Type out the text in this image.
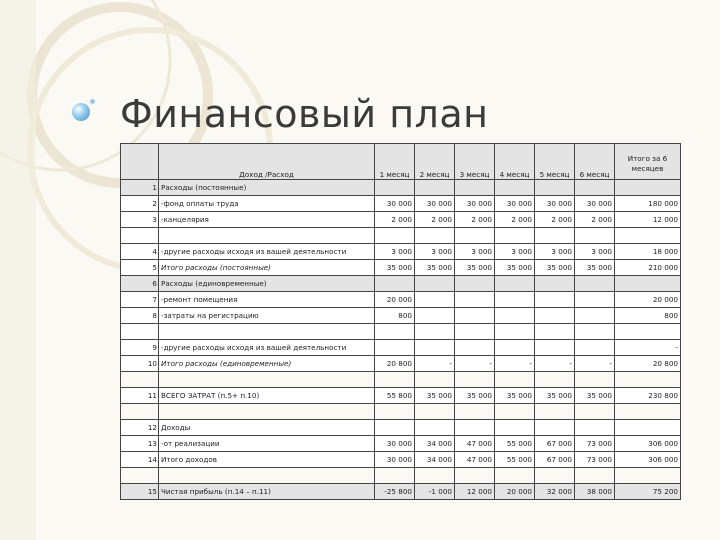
Финансовый план
	Доход /Расход	1 месяц	2 месяц	3 месяц	4 месяц	5 месяц	6 месяц	Итого за 6 месяцев
1	Расходы (постоянные)							
2	-фонд оплаты труда	30 000	30 000	30 000	30 000	30 000	30 000	180 000
3	-канцелярия	2 000	2 000	2 000	2 000	2 000	2 000	12 000

4	-другие расходы исходя из вашей деятельности	3 000	3 000	3 000	3 000	3 000	3 000	18 000
5	Итого расходы (постоянные)	35 000	35 000	35 000	35 000	35 000	35 000	210 000
6	Расходы (единовременные)							
7	-ремонт помещения	20 000						20 000
8	-затраты на регистрацию	800						800

9	-другие расходы исходя из вашей деятельности							-
10	Итого расходы (единовременные)	20 800	-	-	-	-	-	20 800

11	ВСЕГО ЗАТРАТ (п.5+ п.10)	55 800	35 000	35 000	35 000	35 000	35 000	230 800

12	Доходы							
13	-от реализации	30 000	34 000	47 000	55 000	67 000	73 000	306 000
14	Итого доходов	30 000	34 000	47 000	55 000	67 000	73 000	306 000

15	Чистая прибыль (п.14 – п.11)	-25 800	-1 000	12 000	20 000	32 000	38 000	75 200
